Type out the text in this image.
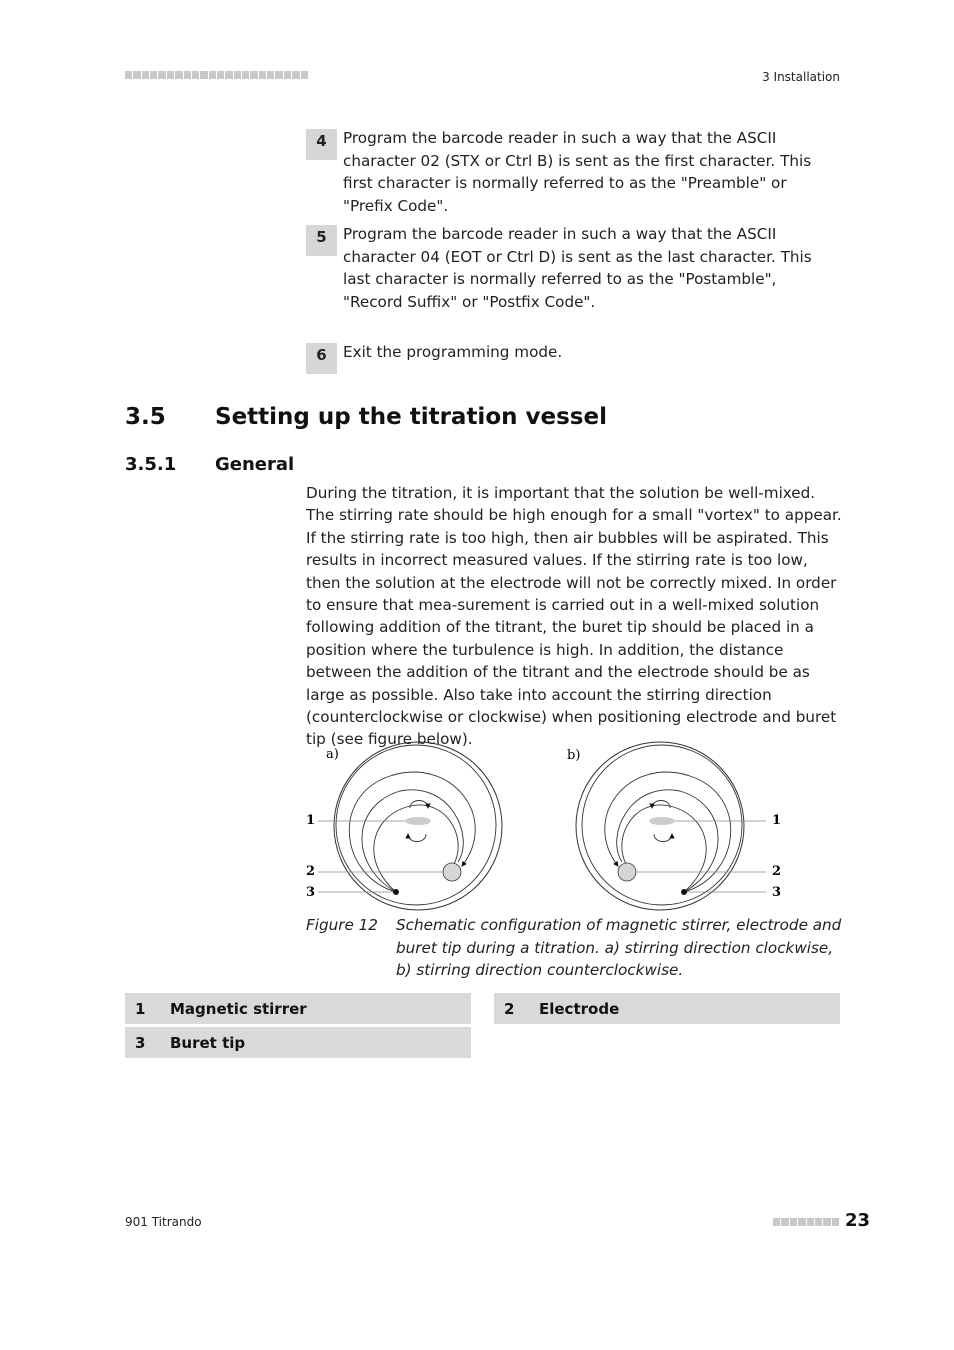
3 Installation
4	Program the barcode reader in such a way that the ASCII character 02 (STX or Ctrl B) is sent as the first character. This first character is normally referred to as the "Preamble" or "Prefix Code".
5	Program the barcode reader in such a way that the ASCII character 04 (EOT or Ctrl D) is sent as the last character. This last character is normally referred to as the "Postamble", "Record Suffix" or "Postfix Code".
6	Exit the programming mode.
3.5 Setting up the titration vessel
3.5.1 General
During the titration, it is important that the solution be well-mixed. The stirring rate should be high enough for a small "vortex" to appear. If the stirring rate is too high, then air bubbles will be aspirated. This results in incorrect measured values. If the stirring rate is too low, then the solution at the electrode will not be correctly mixed. In order to ensure that mea-surement is carried out in a well-mixed solution following addition of the titrant, the buret tip should be placed in a position where the turbulence is high. In addition, the distance between the addition of the titrant and the electrode should be as large as possible. Also take into account the stirring direction (counterclockwise or clockwise) when positioning electrode and buret tip (see figure below).
a)
1
2
3
b)
1
2
3
Figure 12	Schematic configuration of magnetic stirrer, electrode and buret tip during a titration. a) stirring direction clockwise, b) stirring direction counterclockwise.
1	Magnetic stirrer	2	Electrode
3	Buret tip
901 Titrando	23
